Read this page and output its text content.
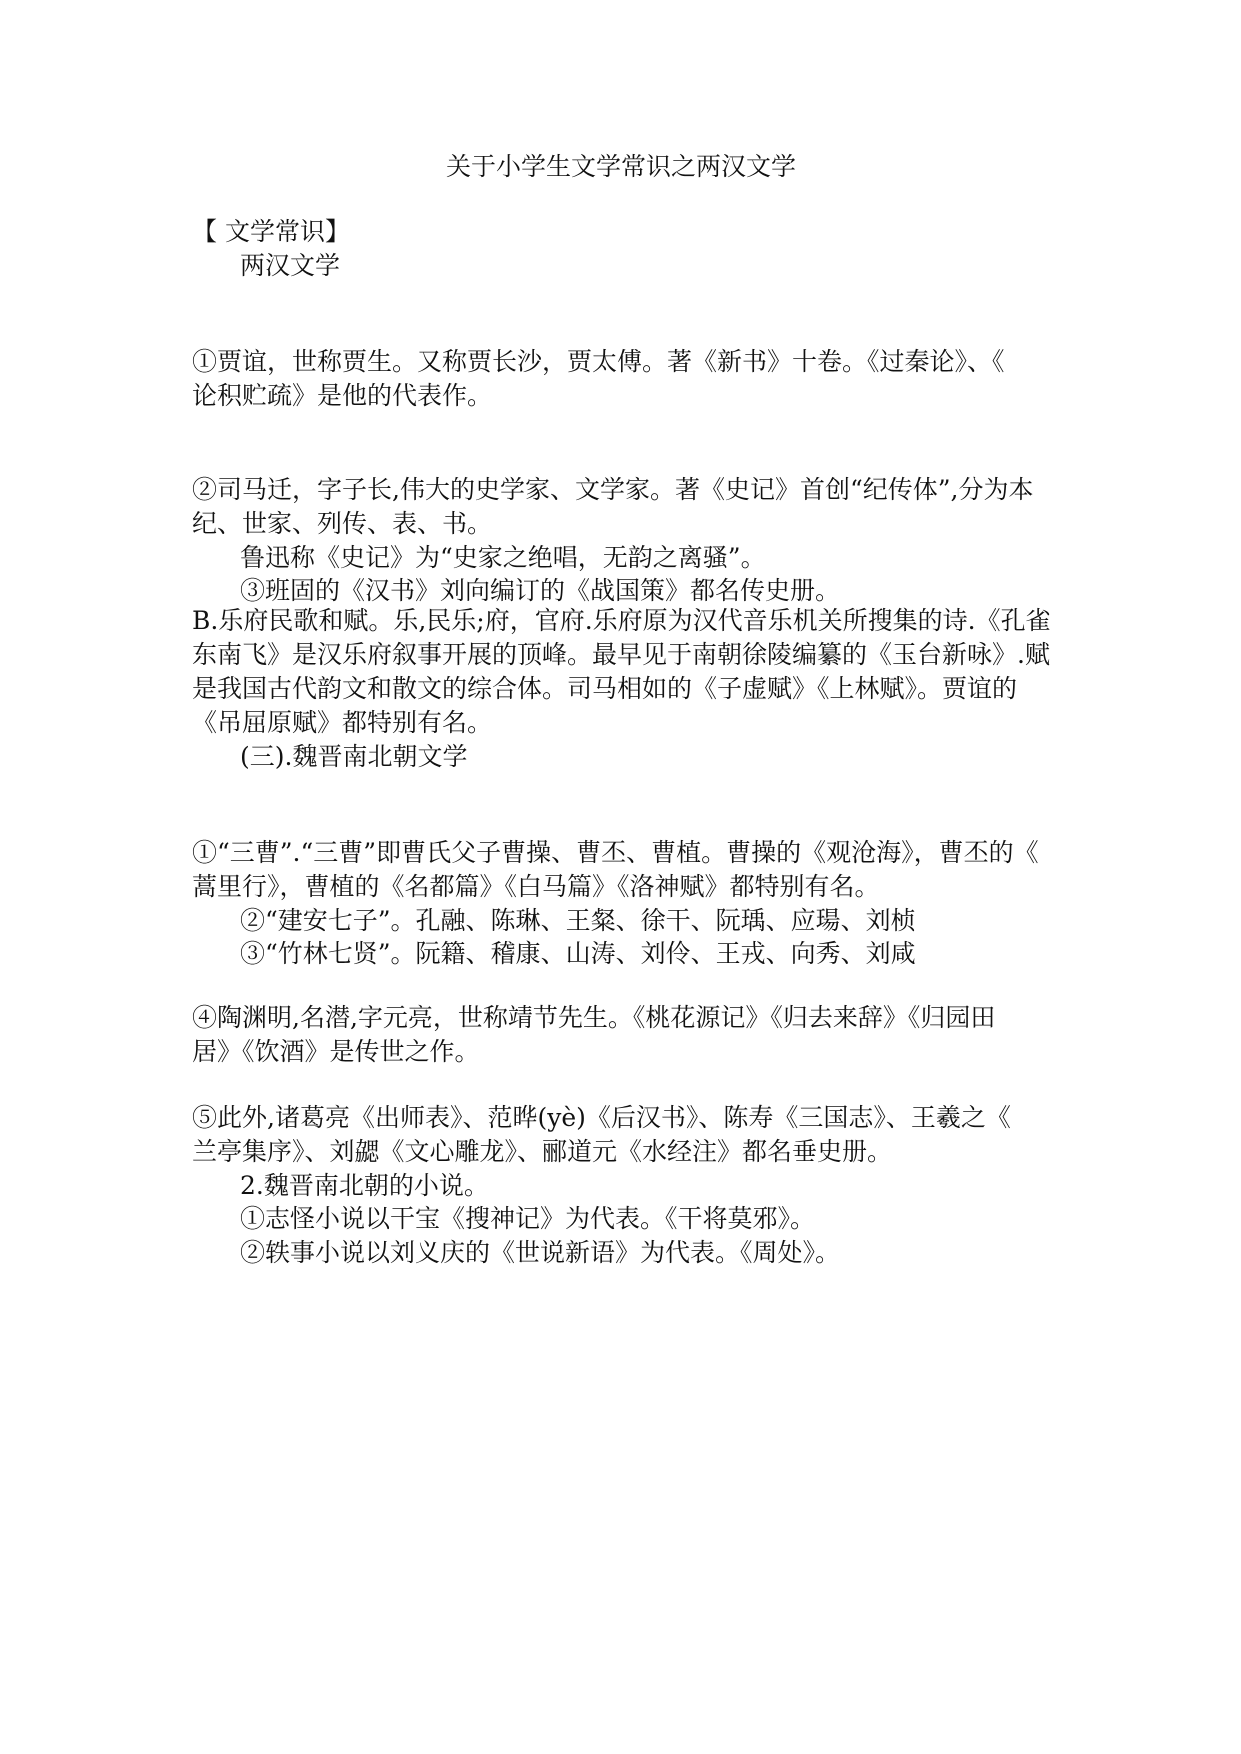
关于小学生文学常识之两汉文学
【 文学常识】
两汉文学
①贾谊，世称贾生。又称贾长沙，贾太傅。著《新书》十卷。《过秦论》、《
论积贮疏》是他的代表作。
②司马迁，字子长,伟大的史学家、文学家。著《史记》首创“纪传体”,分为本
纪、世家、列传、表、书。
鲁迅称《史记》为“史家之绝唱，无韵之离骚”。
③班固的《汉书》刘向编订的《战国策》都名传史册。
B.乐府民歌和赋。乐,民乐;府，官府.乐府原为汉代音乐机关所搜集的诗.《孔雀
东南飞》是汉乐府叙事开展的顶峰。最早见于南朝徐陵编纂的《玉台新咏》.赋
是我国古代韵文和散文的综合体。司马相如的《子虚赋》《上林赋》。贾谊的
《吊屈原赋》都特别有名。
(三).魏晋南北朝文学
①“三曹”.“三曹”即曹氏父子曹操、曹丕、曹植。曹操的《观沧海》，曹丕的《
蒿里行》，曹植的《名都篇》《白马篇》《洛神赋》都特别有名。
②“建安七子”。孔融、陈琳、王粲、徐干、阮瑀、应瑒、刘桢
③“竹林七贤”。阮籍、稽康、山涛、刘伶、王戎、向秀、刘咸
④陶渊明,名潜,字元亮，世称靖节先生。《桃花源记》《归去来辞》《归园田
居》《饮酒》是传世之作。
⑤此外,诸葛亮《出师表》、范晔(yè)《后汉书》、陈寿《三国志》、王羲之《
兰亭集序》、刘勰《文心雕龙》、郦道元《水经注》都名垂史册。
2.魏晋南北朝的小说。
①志怪小说以干宝《搜神记》为代表。《干将莫邪》。
②轶事小说以刘义庆的《世说新语》为代表。《周处》。
